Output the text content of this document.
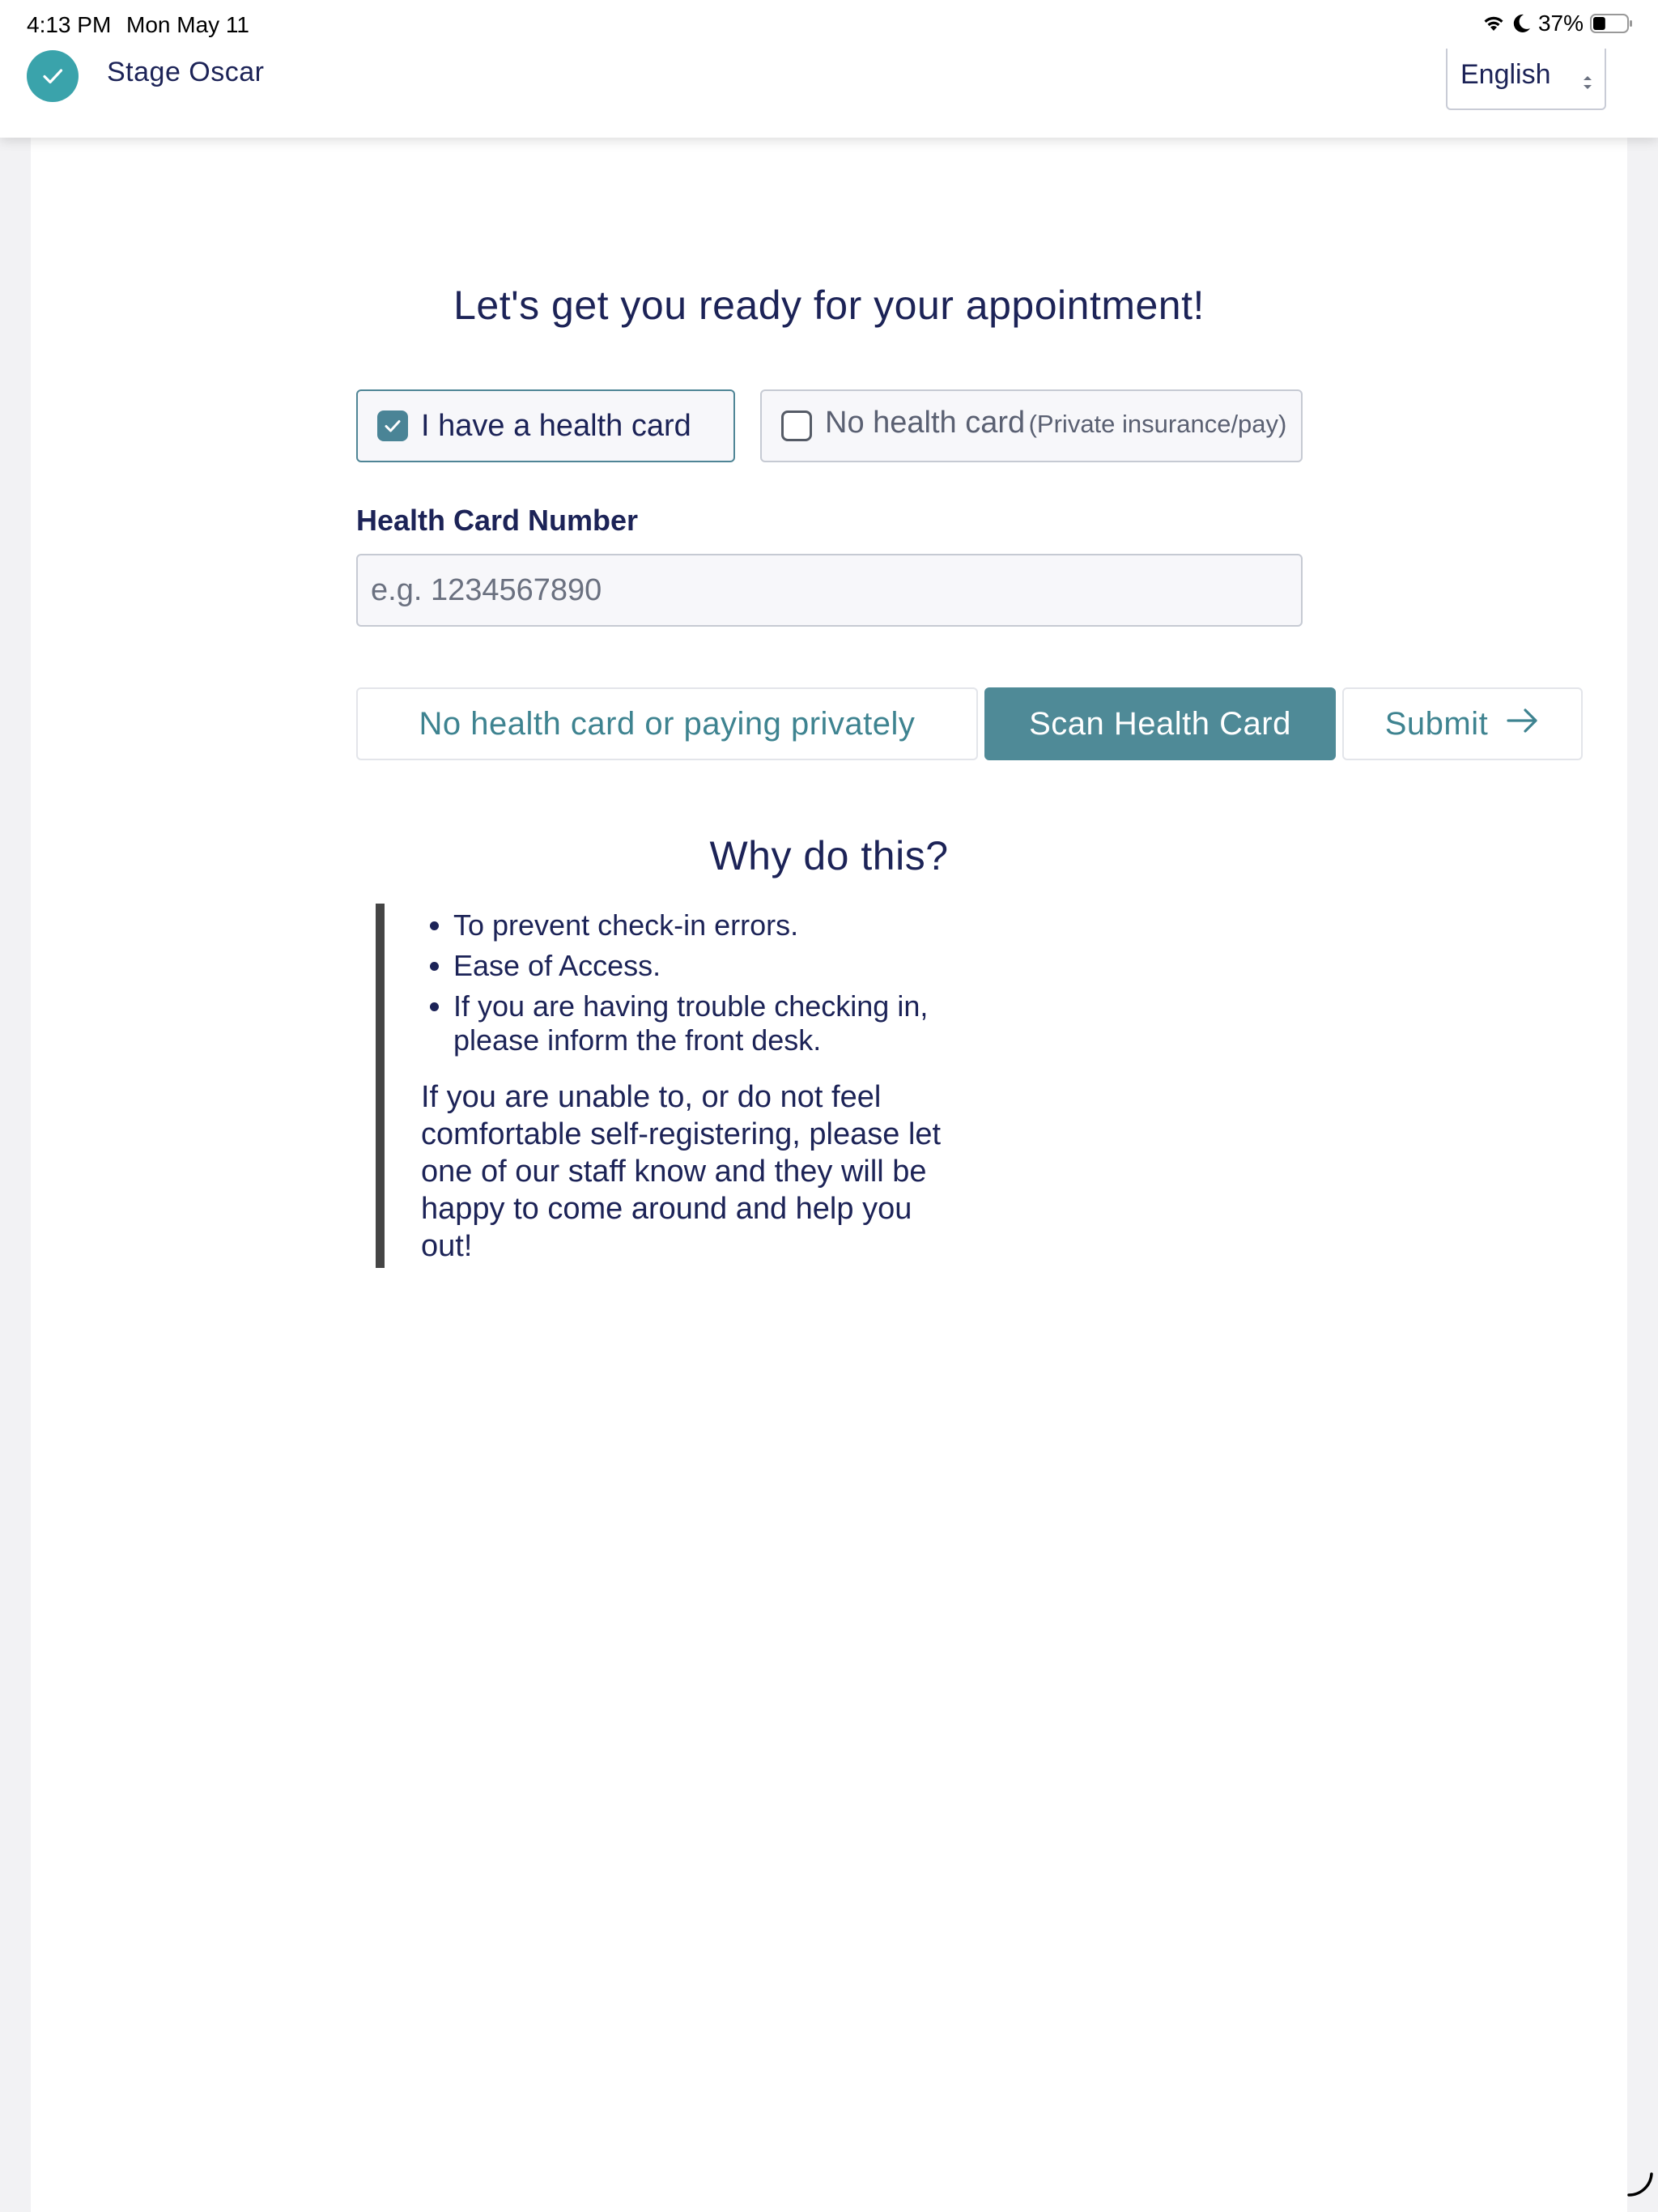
4:13 PM Mon May 11	37%
Stage Oscar	English
Let's get you ready for your appointment!
I have a health card	No health card (Private insurance/pay)
Health Card Number
e.g. 1234567890
No health card or paying privately	Scan Health Card	Submit
Why do this?
• To prevent check-in errors.
• Ease of Access.
• If you are having trouble checking in, please inform the front desk.

If you are unable to, or do not feel comfortable self-registering, please let one of our staff know and they will be happy to come around and help you out!
